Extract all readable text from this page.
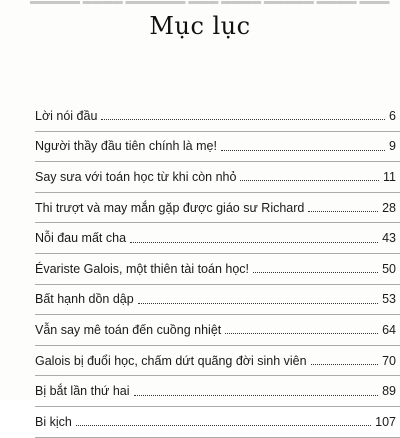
▬▬▬▬▬ ▬▬▬▬ ▬▬▬▬▬▬ ▬▬▬ ▬▬▬▬ ▬▬▬▬▬ ▬▬▬▬ ▬▬▬
Mục lục
Lời nói đầu	6
Người thầy đầu tiên chính là mẹ!	9
Say sưa với toán học từ khi còn nhỏ	11
Thi trượt và may mắn gặp được giáo sư Richard	28
Nỗi đau mất cha	43
Évariste Galois, một thiên tài toán học!	50
Bất hạnh dồn dập	53
Vẫn say mê toán đến cuồng nhiệt	64
Galois bị đuổi học, chấm dứt quãng đời sinh viên	70
Bị bắt lần thứ hai	89
Bi kịch	107
